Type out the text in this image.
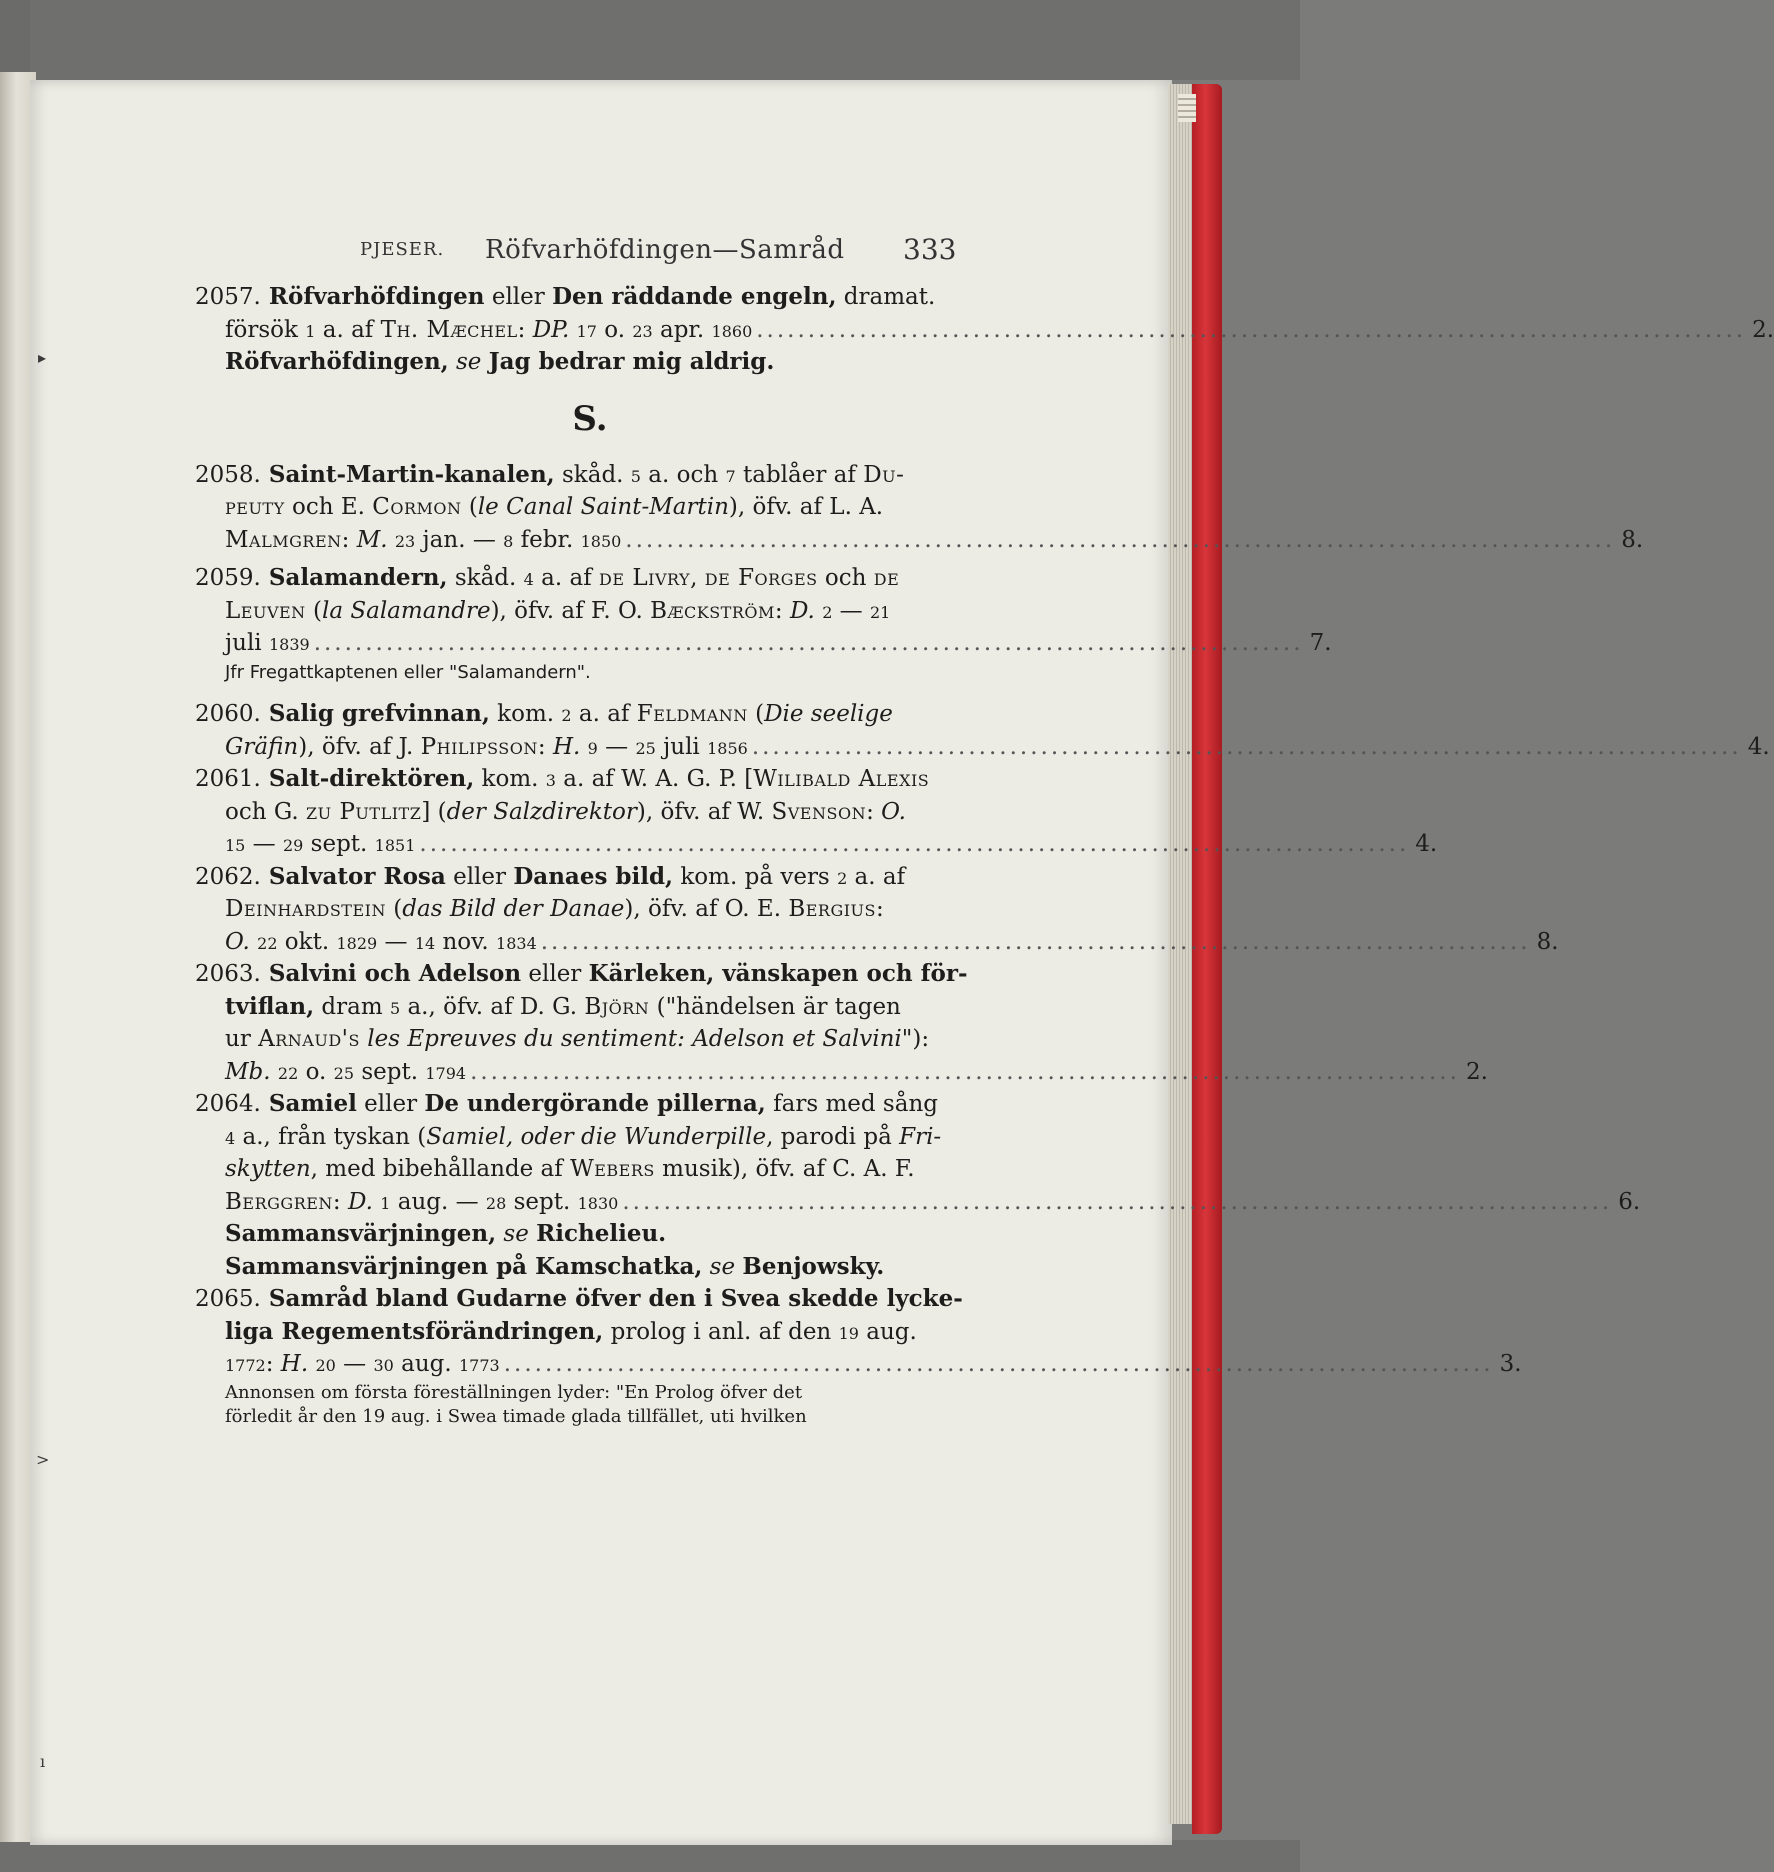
▸
>
ı
PJESER. Röfvarhöfdingen—Samråd 333
2057. Röfvarhöfdingen eller Den räddande engeln, dramat.
försök 1 a. af Th. Mæchel: DP. 17 o. 23 apr. 1860 ................................................................................................ 2.
Röfvarhöfdingen, se Jag bedrar mig aldrig.
S.
2058. Saint-Martin-kanalen, skåd. 5 a. och 7 tablåer af Du-
peuty och E. Cormon (le Canal Saint-Martin), öfv. af L. A.
Malmgren: M. 23 jan. — 8 febr. 1850 ................................................................................................ 8.
2059. Salamandern, skåd. 4 a. af de Livry, de Forges och de
Leuven (la Salamandre), öfv. af F. O. Bæckström: D. 2 — 21
juli 1839 ................................................................................................ 7.
Jfr Fregattkaptenen eller "Salamandern".
2060. Salig grefvinnan, kom. 2 a. af Feldmann (Die seelige
Gräfin), öfv. af J. Philipsson: H. 9 — 25 juli 1856 ................................................................................................ 4.
2061. Salt-direktören, kom. 3 a. af W. A. G. P. [Wilibald Alexis
och G. zu Putlitz] (der Salzdirektor), öfv. af W. Svenson: O.
15 — 29 sept. 1851 ................................................................................................ 4.
2062. Salvator Rosa eller Danaes bild, kom. på vers 2 a. af
Deinhardstein (das Bild der Danae), öfv. af O. E. Bergius:
O. 22 okt. 1829 — 14 nov. 1834 ................................................................................................ 8.
2063. Salvini och Adelson eller Kärleken, vänskapen och för-
tviflan, dram 5 a., öfv. af D. G. Björn ("händelsen är tagen
ur Arnaud's les Epreuves du sentiment: Adelson et Salvini"):
Mb. 22 o. 25 sept. 1794 ................................................................................................ 2.
2064. Samiel eller De undergörande pillerna, fars med sång
4 a., från tyskan (Samiel, oder die Wunderpille, parodi på Fri-
skytten, med bibehållande af Webers musik), öfv. af C. A. F.
Berggren: D. 1 aug. — 28 sept. 1830 ................................................................................................ 6.
Sammansvärjningen, se Richelieu.
Sammansvärjningen på Kamschatka, se Benjowsky.
2065. Samråd bland Gudarne öfver den i Svea skedde lycke-
liga Regementsförändringen, prolog i anl. af den 19 aug.
1772: H. 20 — 30 aug. 1773 ................................................................................................ 3.
Annonsen om första föreställningen lyder: "En Prolog öfver det
förledit år den 19 aug. i Swea timade glada tillfället, uti hvilken
